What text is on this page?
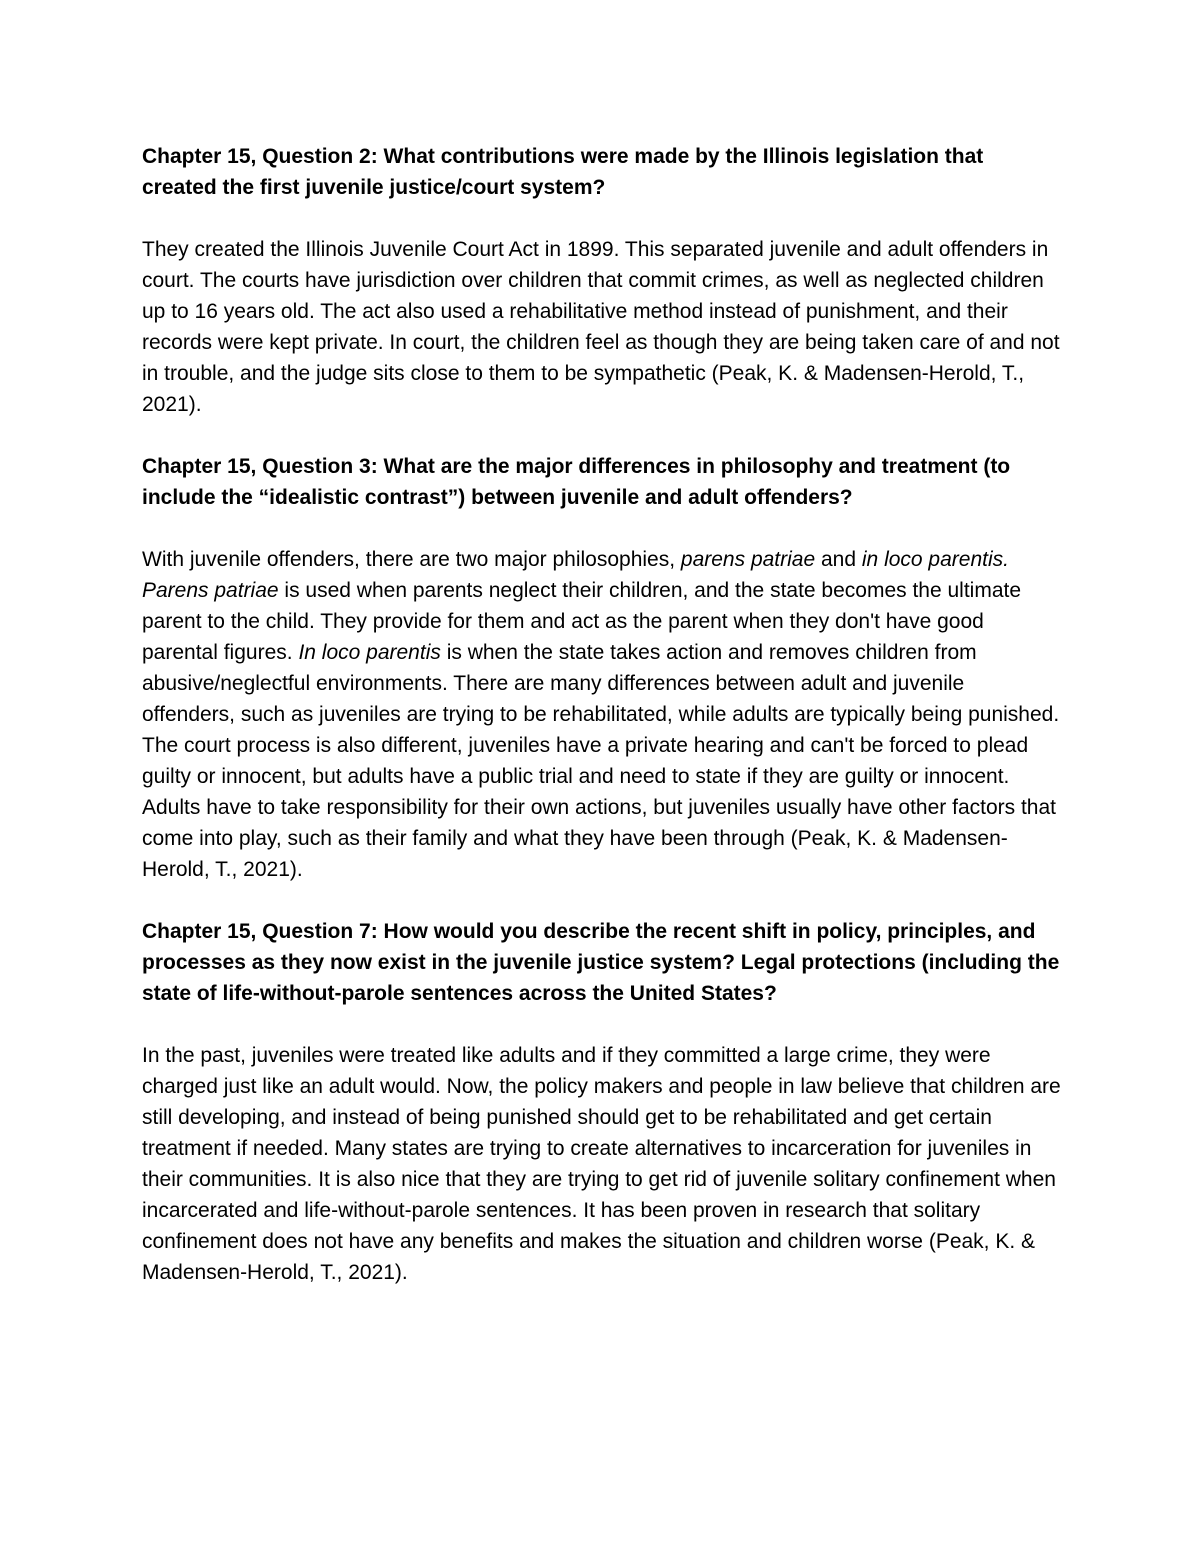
Chapter 15, Question 2: What contributions were made by the Illinois legislation that created the first juvenile justice/court system?

They created the Illinois Juvenile Court Act in 1899. This separated juvenile and adult offenders in court. The courts have jurisdiction over children that commit crimes, as well as neglected children up to 16 years old. The act also used a rehabilitative method instead of punishment, and their records were kept private. In court, the children feel as though they are being taken care of and not in trouble, and the judge sits close to them to be sympathetic (Peak, K. & Madensen-Herold, T., 2021).

Chapter 15, Question 3: What are the major differences in philosophy and treatment (to include the “idealistic contrast”) between juvenile and adult offenders?

With juvenile offenders, there are two major philosophies, parens patriae and in loco parentis. Parens patriae is used when parents neglect their children, and the state becomes the ultimate parent to the child. They provide for them and act as the parent when they don't have good parental figures. In loco parentis is when the state takes action and removes children from abusive/neglectful environments. There are many differences between adult and juvenile offenders, such as juveniles are trying to be rehabilitated, while adults are typically being punished. The court process is also different, juveniles have a private hearing and can't be forced to plead guilty or innocent, but adults have a public trial and need to state if they are guilty or innocent. Adults have to take responsibility for their own actions, but juveniles usually have other factors that come into play, such as their family and what they have been through (Peak, K. & Madensen-Herold, T., 2021).

Chapter 15, Question 7: How would you describe the recent shift in policy, principles, and processes as they now exist in the juvenile justice system? Legal protections (including the state of life-without-parole sentences across the United States?

In the past, juveniles were treated like adults and if they committed a large crime, they were charged just like an adult would. Now, the policy makers and people in law believe that children are still developing, and instead of being punished should get to be rehabilitated and get certain treatment if needed. Many states are trying to create alternatives to incarceration for juveniles in their communities. It is also nice that they are trying to get rid of juvenile solitary confinement when incarcerated and life-without-parole sentences. It has been proven in research that solitary confinement does not have any benefits and makes the situation and children worse (Peak, K. & Madensen-Herold, T., 2021).
